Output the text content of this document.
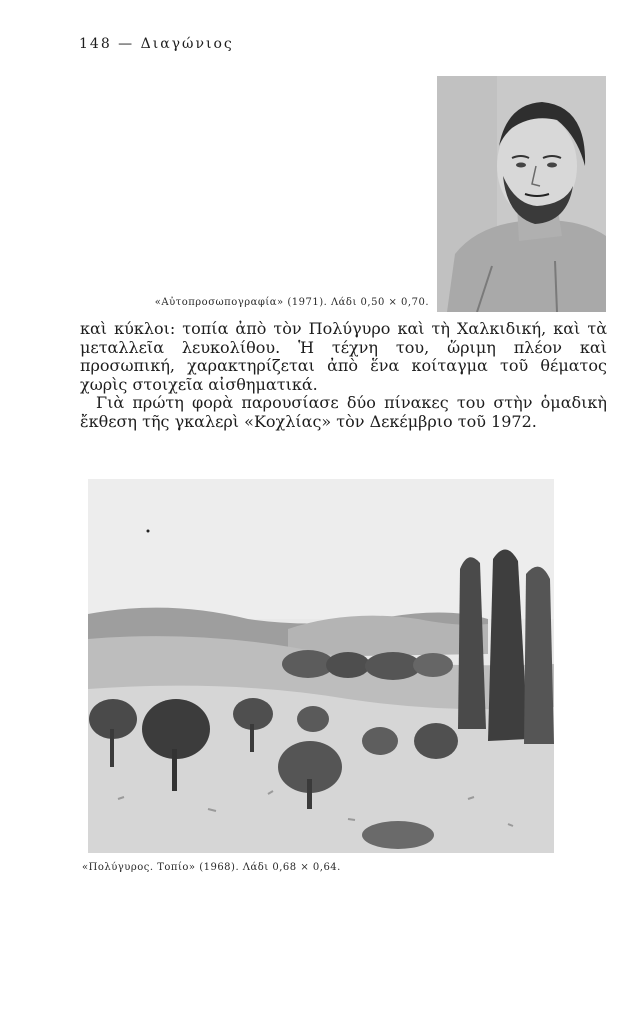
148 — Διαγώνιος
«Αὐτοπροσωπογραφία» (1971). Λάδι 0,50 × 0,70.

καὶ κύκλοι: τοπία ἀπὸ τὸν Πολύγυρο καὶ τὴ Χαλκιδική, καὶ τὰ μεταλλεῖα λευκολίθου. Ἡ τέχνη του, ὥριμη πλέον καὶ προσωπική, χαρακτηρίζεται ἀπὸ ἕνα κοίταγμα τοῦ θέματος χωρὶς στοιχεῖα αἰσθηματικά.

Γιὰ πρώτη φορὰ παρουσίασε δύο πίνακες του στὴν ὁμαδικὴ ἔκθεση τῆς γκαλερὶ «Κοχλίας» τὸν Δεκέμβριο τοῦ 1972.

«Πολύγυρος. Τοπίο» (1968). Λάδι 0,68 × 0,64.
